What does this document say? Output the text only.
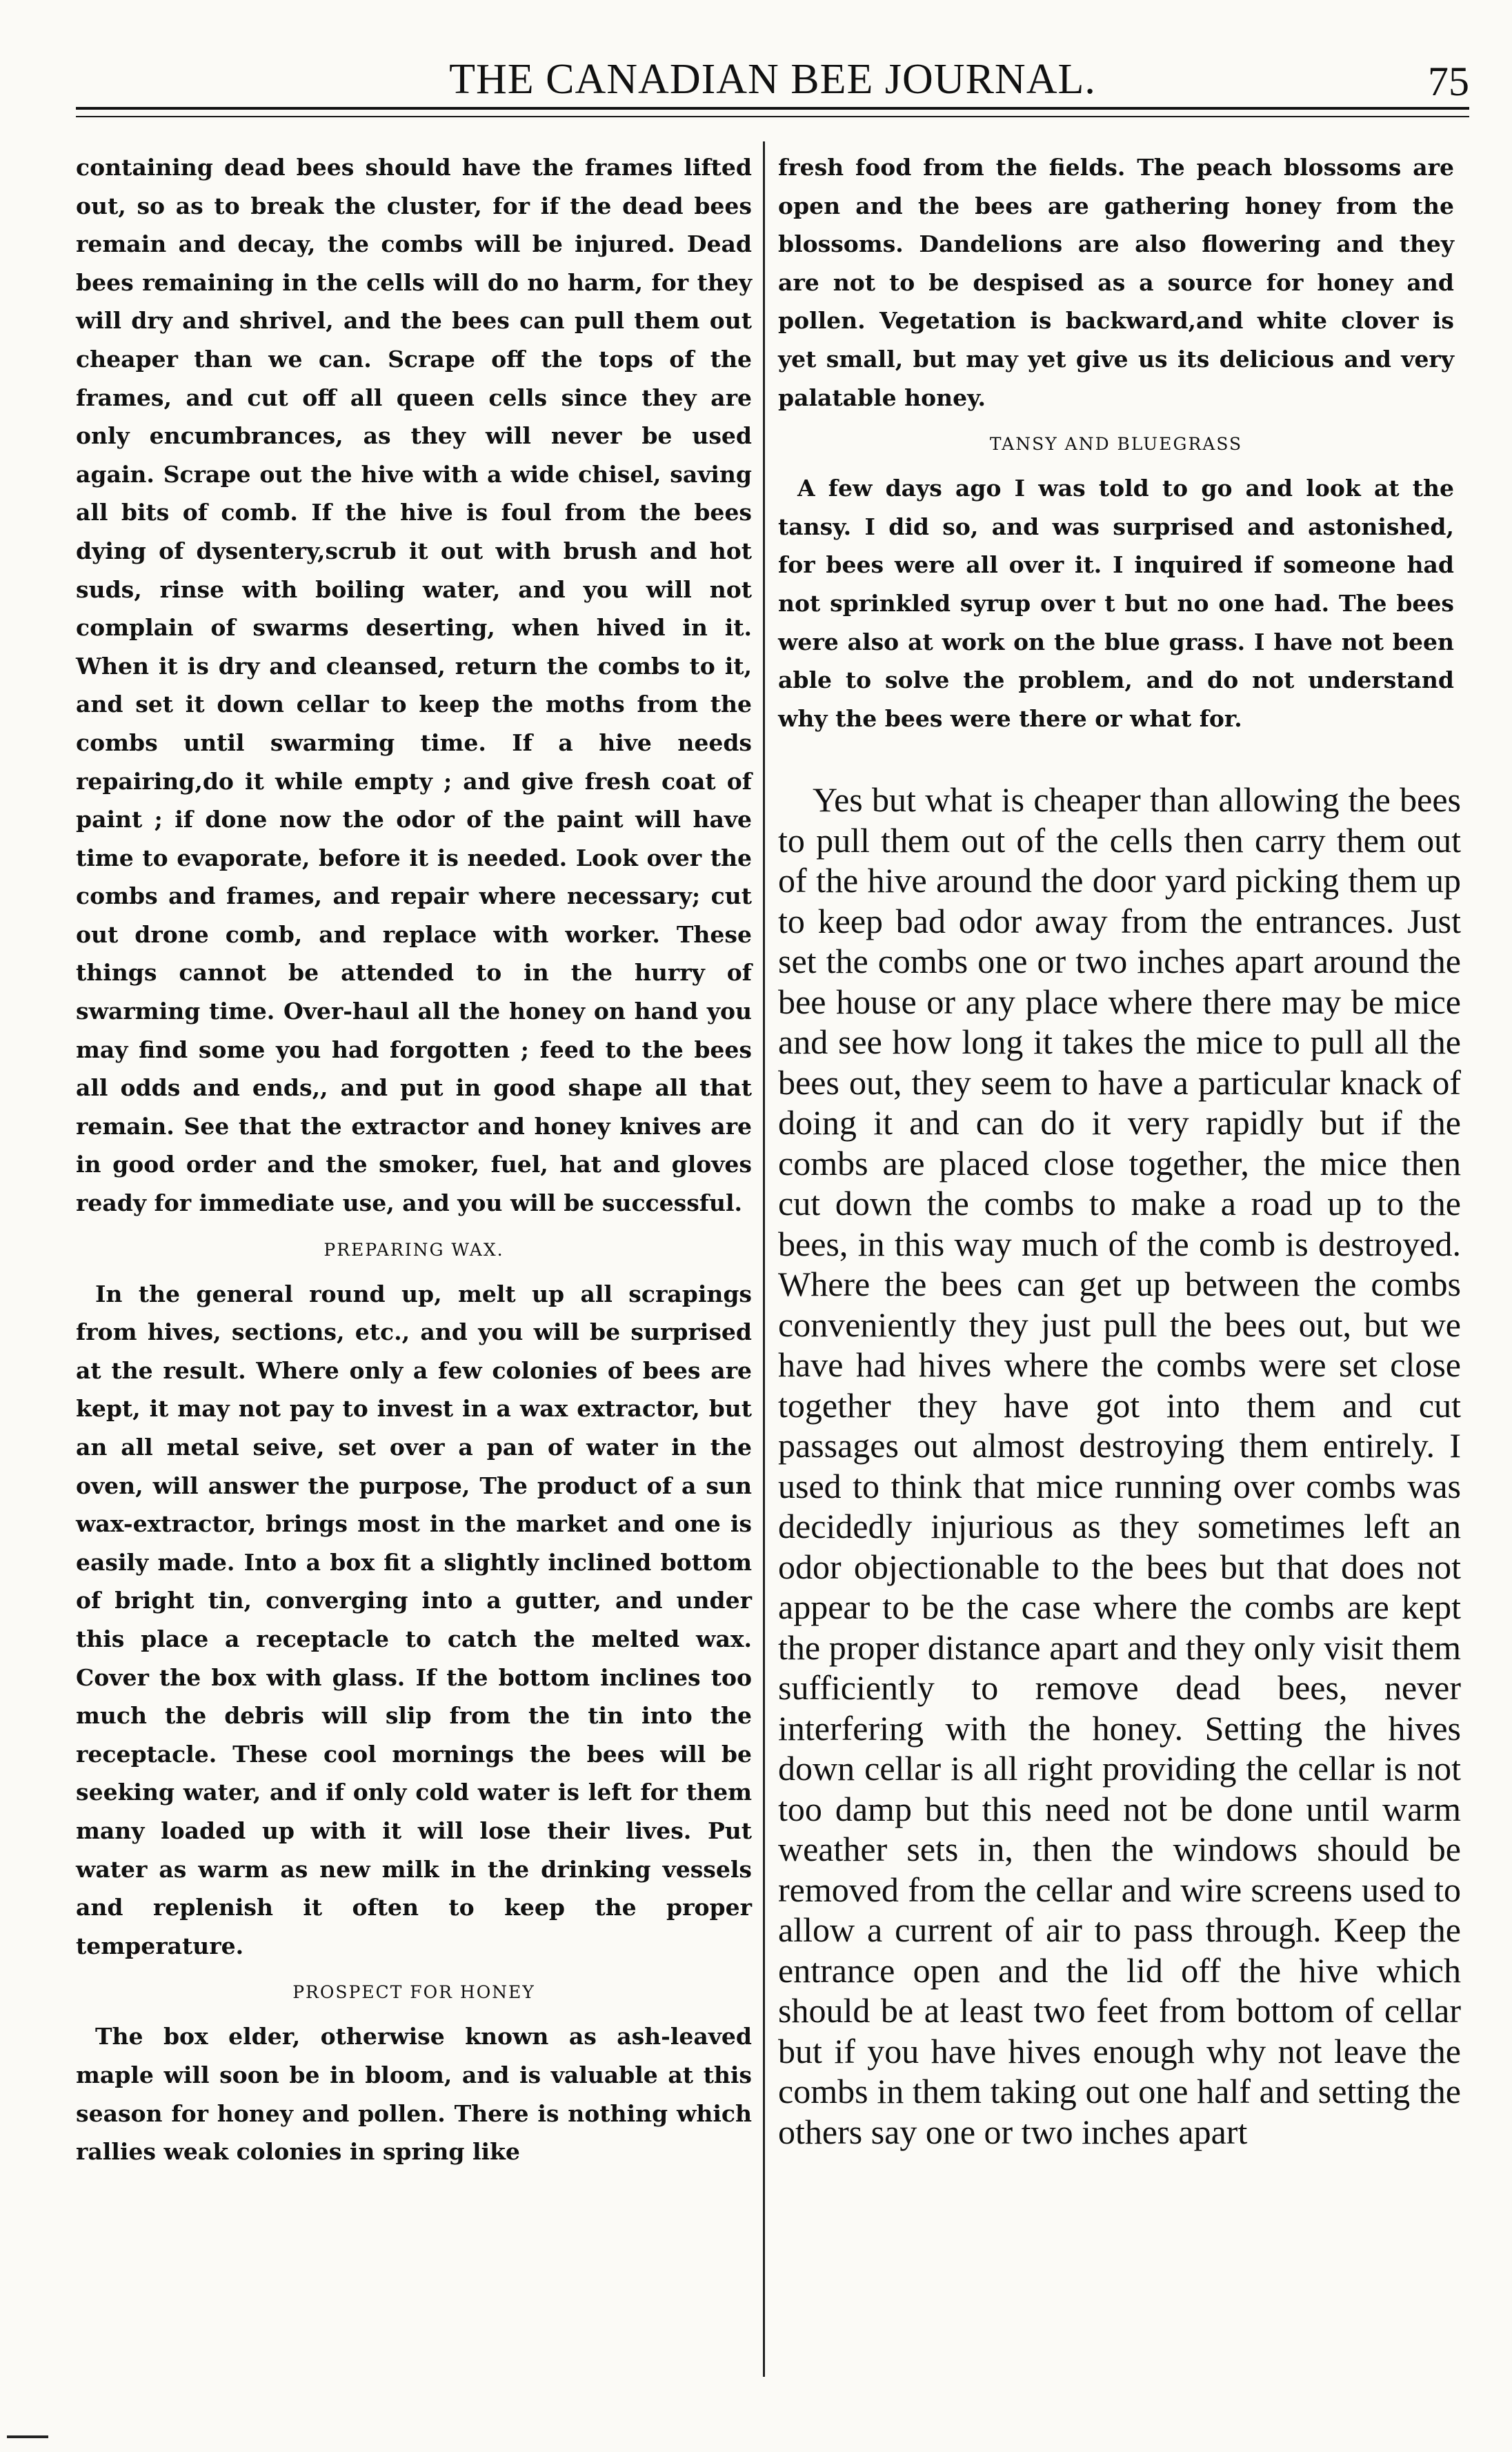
THE CANADIAN BEE JOURNAL.	75

containing dead bees should have the frames lifted out, so as to break the cluster, for if the dead bees remain and decay, the combs will be injured. Dead bees remaining in the cells will do no harm, for they will dry and shrivel, and the bees can pull them out cheaper than we can. Scrape off the tops of the frames, and cut off all queen cells since they are only encumbrances, as they will never be used again. Scrape out the hive with a wide chisel, saving all bits of comb. If the hive is foul from the bees dying of dysentery,scrub it out with brush and hot suds, rinse with boiling water, and you will not complain of swarms deserting, when hived in it. When it is dry and cleansed, return the combs to it, and set it down cellar to keep the moths from the combs until swarming time. If a hive needs repairing,do it while empty ; and give fresh coat of paint ; if done now the odor of the paint will have time to evaporate, before it is needed. Look over the combs and frames, and repair where necessary; cut out drone comb, and replace with worker. These things cannot be attended to in the hurry of swarming time. Over-haul all the honey on hand you may find some you had forgotten ; feed to the bees all odds and ends,, and put in good shape all that remain. See that the extractor and honey knives are in good order and the smoker, fuel, hat and gloves ready for immediate use, and you will be successful.

PREPARING WAX.

In the general round up, melt up all scrapings from hives, sections, etc., and you will be surprised at the result. Where only a few colonies of bees are kept, it may not pay to invest in a wax extractor, but an all metal seive, set over a pan of water in the oven, will answer the purpose, The product of a sun wax-extractor, brings most in the market and one is easily made. Into a box fit a slightly inclined bottom of bright tin, converging into a gutter, and under this place a receptacle to catch the melted wax. Cover the box with glass. If the bottom inclines too much the debris will slip from the tin into the receptacle. These cool mornings the bees will be seeking water, and if only cold water is left for them many loaded up with it will lose their lives. Put water as warm as new milk in the drinking vessels and replenish it often to keep the proper temperature.

PROSPECT FOR HONEY

The box elder, otherwise known as ash-leaved maple will soon be in bloom, and is valuable at this season for honey and pollen. There is nothing which rallies weak colonies in spring like

fresh food from the fields. The peach blossoms are open and the bees are gathering honey from the blossoms. Dandelions are also flowering and they are not to be despised as a source for honey and pollen. Vegetation is backward,and white clover is yet small, but may yet give us its delicious and very palatable honey.

TANSY AND BLUEGRASS

A few days ago I was told to go and look at the tansy. I did so, and was surprised and astonished, for bees were all over it. I inquired if someone had not sprinkled syrup over t but no one had. The bees were also at work on the blue grass. I have not been able to solve the problem, and do not understand why the bees were there or what for.

Yes but what is cheaper than allowing the bees to pull them out of the cells then carry them out of the hive around the door yard picking them up to keep bad odor away from the entrances. Just set the combs one or two inches apart around the bee house or any place where there may be mice and see how long it takes the mice to pull all the bees out, they seem to have a particular knack of doing it and can do it very rapidly but if the combs are placed close together, the mice then cut down the combs to make a road up to the bees, in this way much of the comb is destroyed. Where the bees can get up between the combs conveniently they just pull the bees out, but we have had hives where the combs were set close together they have got into them and cut passages out almost destroying them entirely. I used to think that mice running over combs was decidedly injurious as they sometimes left an odor objectionable to the bees but that does not appear to be the case where the combs are kept the proper distance apart and they only visit them sufficiently to remove dead bees, never interfering with the honey. Setting the hives down cellar is all right providing the cellar is not too damp but this need not be done until warm weather sets in, then the windows should be removed from the cellar and wire screens used to allow a current of air to pass through. Keep the entrance open and the lid off the hive which should be at least two feet from bottom of cellar but if you have hives enough why not leave the combs in them taking out one half and setting the others say one or two inches apart
